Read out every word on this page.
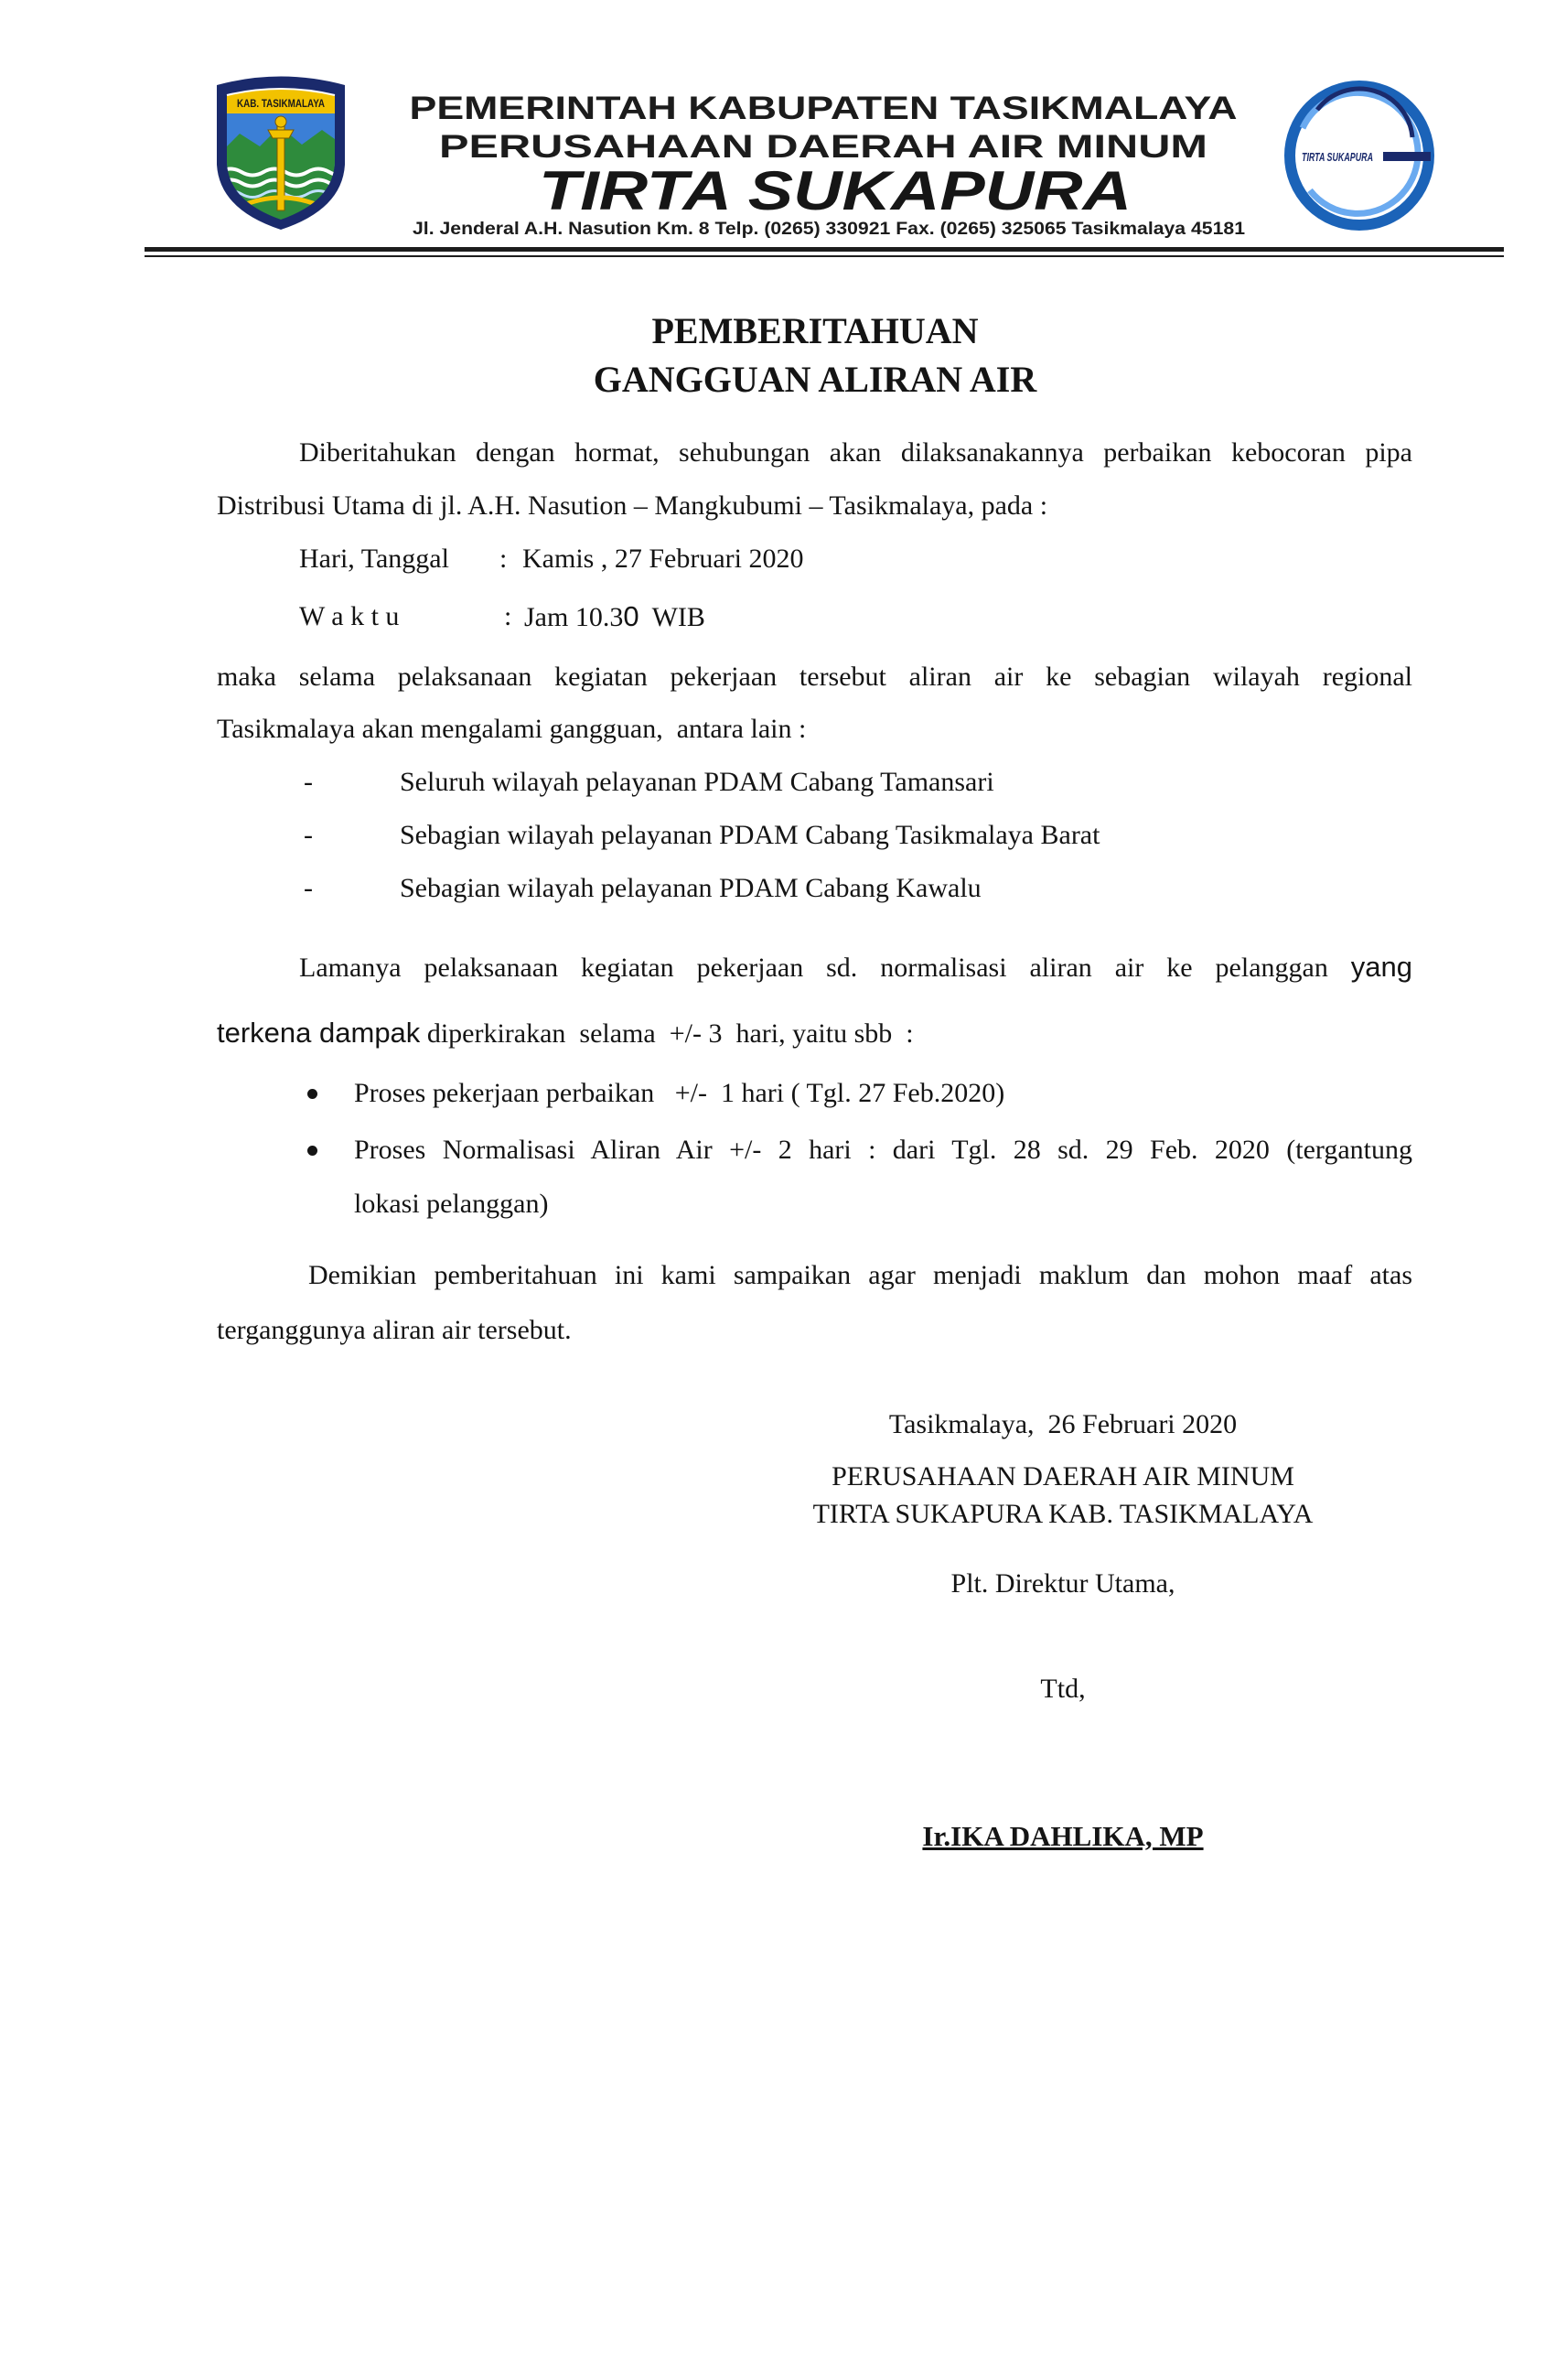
KAB. TASIKMALAYA	PEMERINTAH KABUPATEN TASIKMALAYA
PERUSAHAAN DAERAH AIR MINUM
TIRTA SUKAPURA
Jl. Jenderal A.H. Nasution Km. 8 Telp. (0265) 330921 Fax. (0265) 325065 Tasikmalaya 45181
TIRTA SUKAPURA
PEMBERITAHUAN
GANGGUAN ALIRAN AIR
Diberitahukan dengan hormat, sehubungan akan dilaksanakannya perbaikan kebocoran pipa
Distribusi Utama di jl. A.H. Nasution – Mangkubumi – Tasikmalaya, pada :
Hari, Tanggal : Kamis , 27 Februari 2020
W a k t u	: Jam 10.30 WIB
maka selama pelaksanaan kegiatan pekerjaan tersebut aliran air ke sebagian wilayah regional
Tasikmalaya akan mengalami gangguan,  antara lain :
-	Seluruh wilayah pelayanan PDAM Cabang Tamansari
-	Sebagian wilayah pelayanan PDAM Cabang Tasikmalaya Barat
-	Sebagian wilayah pelayanan PDAM Cabang Kawalu
Lamanya pelaksanaan kegiatan pekerjaan sd. normalisasi aliran air ke pelanggan yang
terkena dampak diperkirakan  selama  +/- 3  hari, yaitu sbb  :
Proses pekerjaan perbaikan   +/-  1 hari ( Tgl. 27 Feb.2020)
Proses Normalisasi Aliran Air +/- 2 hari : dari Tgl. 28 sd. 29 Feb. 2020 (tergantung
lokasi pelanggan)
Demikian pemberitahuan ini kami sampaikan agar menjadi maklum dan mohon maaf atas
terganggunya aliran air tersebut.
Tasikmalaya,  26 Februari 2020
PERUSAHAAN DAERAH AIR MINUM
TIRTA SUKAPURA KAB. TASIKMALAYA
Plt. Direktur Utama,
Ttd,
Ir.IKA DAHLIKA, MP
